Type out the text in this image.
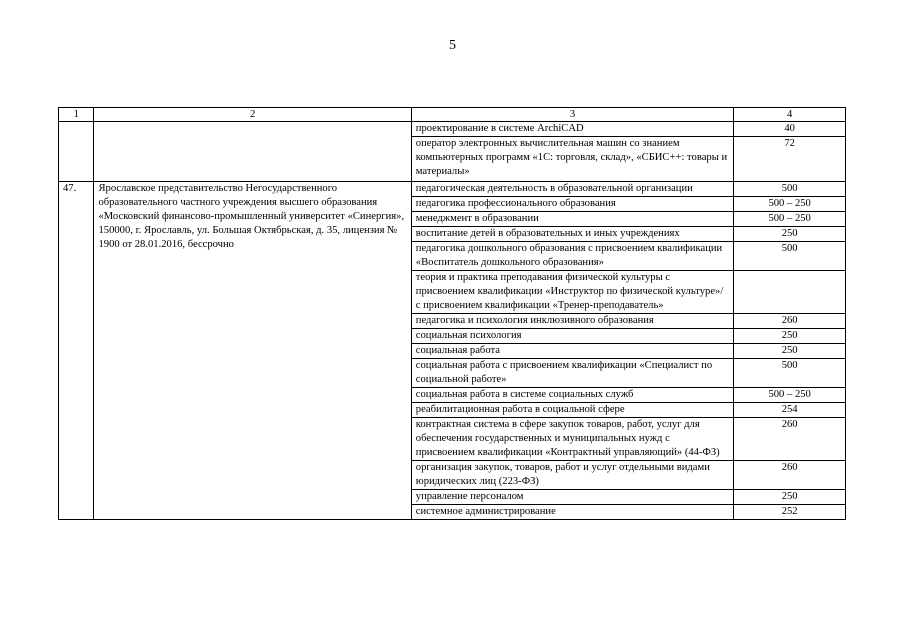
5
1	2	3	4
		проектирование в системе ArchiCAD	40
		оператор электронных вычислительная машин со знанием компьютерных программ «1С: торговля, склад», «СБИС++: товары и материалы»	72
47.	Ярославское представительство Негосударственного образовательного частного учреждения высшего образования «Московский финансово-промышленный университет «Синергия», 150000, г. Ярославль, ул. Большая Октябрьская, д. 35, лицензия № 1900 от 28.01.2016, бессрочно	педагогическая деятельность в образовательной организации	500
		педагогика профессионального образования	500 – 250
		менеджмент в образовании	500 – 250
		воспитание детей в образовательных и иных учреждениях	250
		педагогика дошкольного образования с присвоением квалификации «Воспитатель дошкольного образования»	500
		теория и практика преподавания физической культуры с присвоением квалификации «Инструктор по физической культуре»/ с присвоением квалификации «Тренер-преподаватель»	
		педагогика и психология инклюзивного образования	260
		социальная психология	250
		социальная работа	250
		социальная работа с присвоением квалификации «Специалист по социальной работе»	500
		социальная работа в системе социальных служб	500 – 250
		реабилитационная работа в социальной сфере	254
		контрактная система в сфере закупок товаров, работ, услуг для обеспечения государственных и муниципальных нужд с присвоением квалификации «Контрактный управляющий» (44-ФЗ)	260
		организация закупок, товаров, работ и услуг отдельными видами юридических лиц (223-ФЗ)	260
		управление персоналом	250
		системное администрирование	252
